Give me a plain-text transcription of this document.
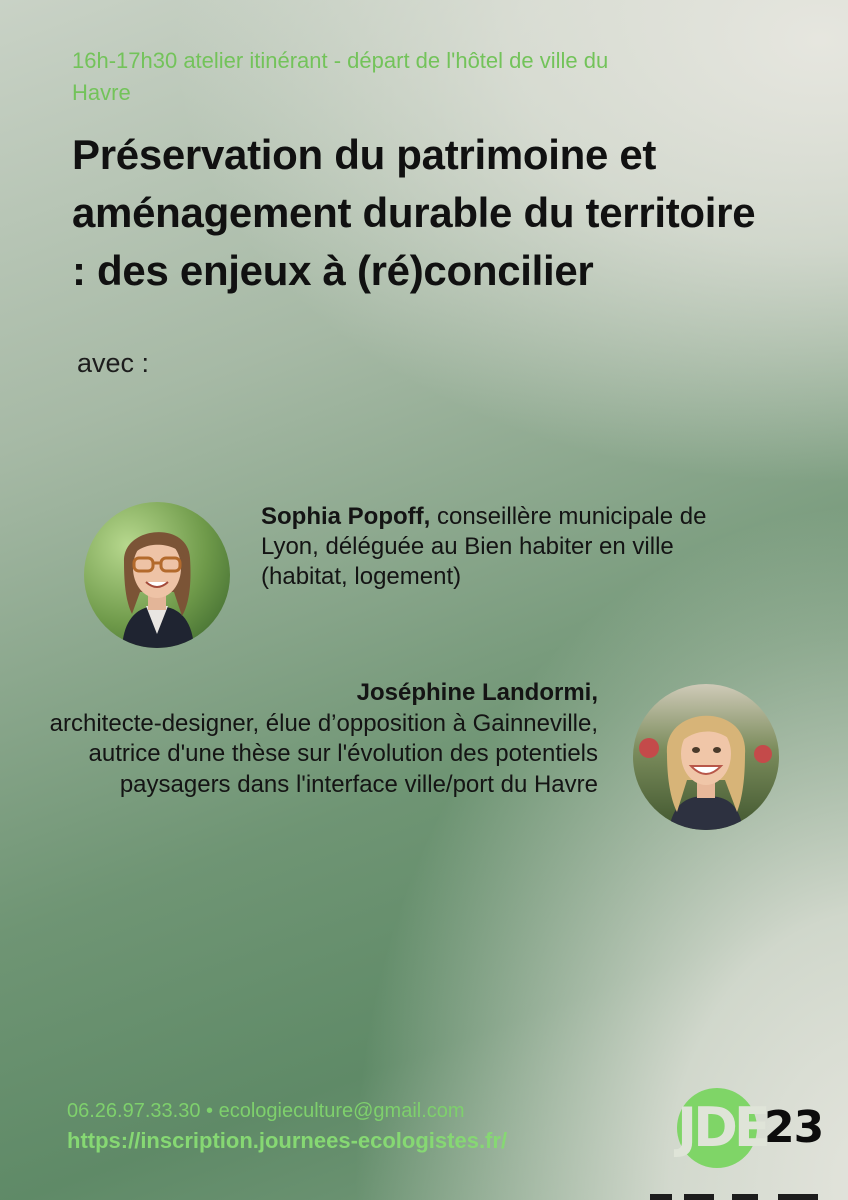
16h-17h30 atelier itinérant - départ de l'hôtel de ville du Havre
Préservation du patrimoine et aménagement durable du territoire : des enjeux à (ré)concilier
avec :
Sophia Popoff, conseillère municipale de Lyon, déléguée au Bien habiter en ville (habitat, logement)
Joséphine Landormi,
architecte-designer, élue d’opposition à Gainneville, autrice d'une thèse sur l'évolution des potentiels paysagers dans l'interface ville/port du Havre
06.26.97.33.30 • ecologieculture@gmail.com
https://inscription.journees-ecologistes.fr/	JDE
23
